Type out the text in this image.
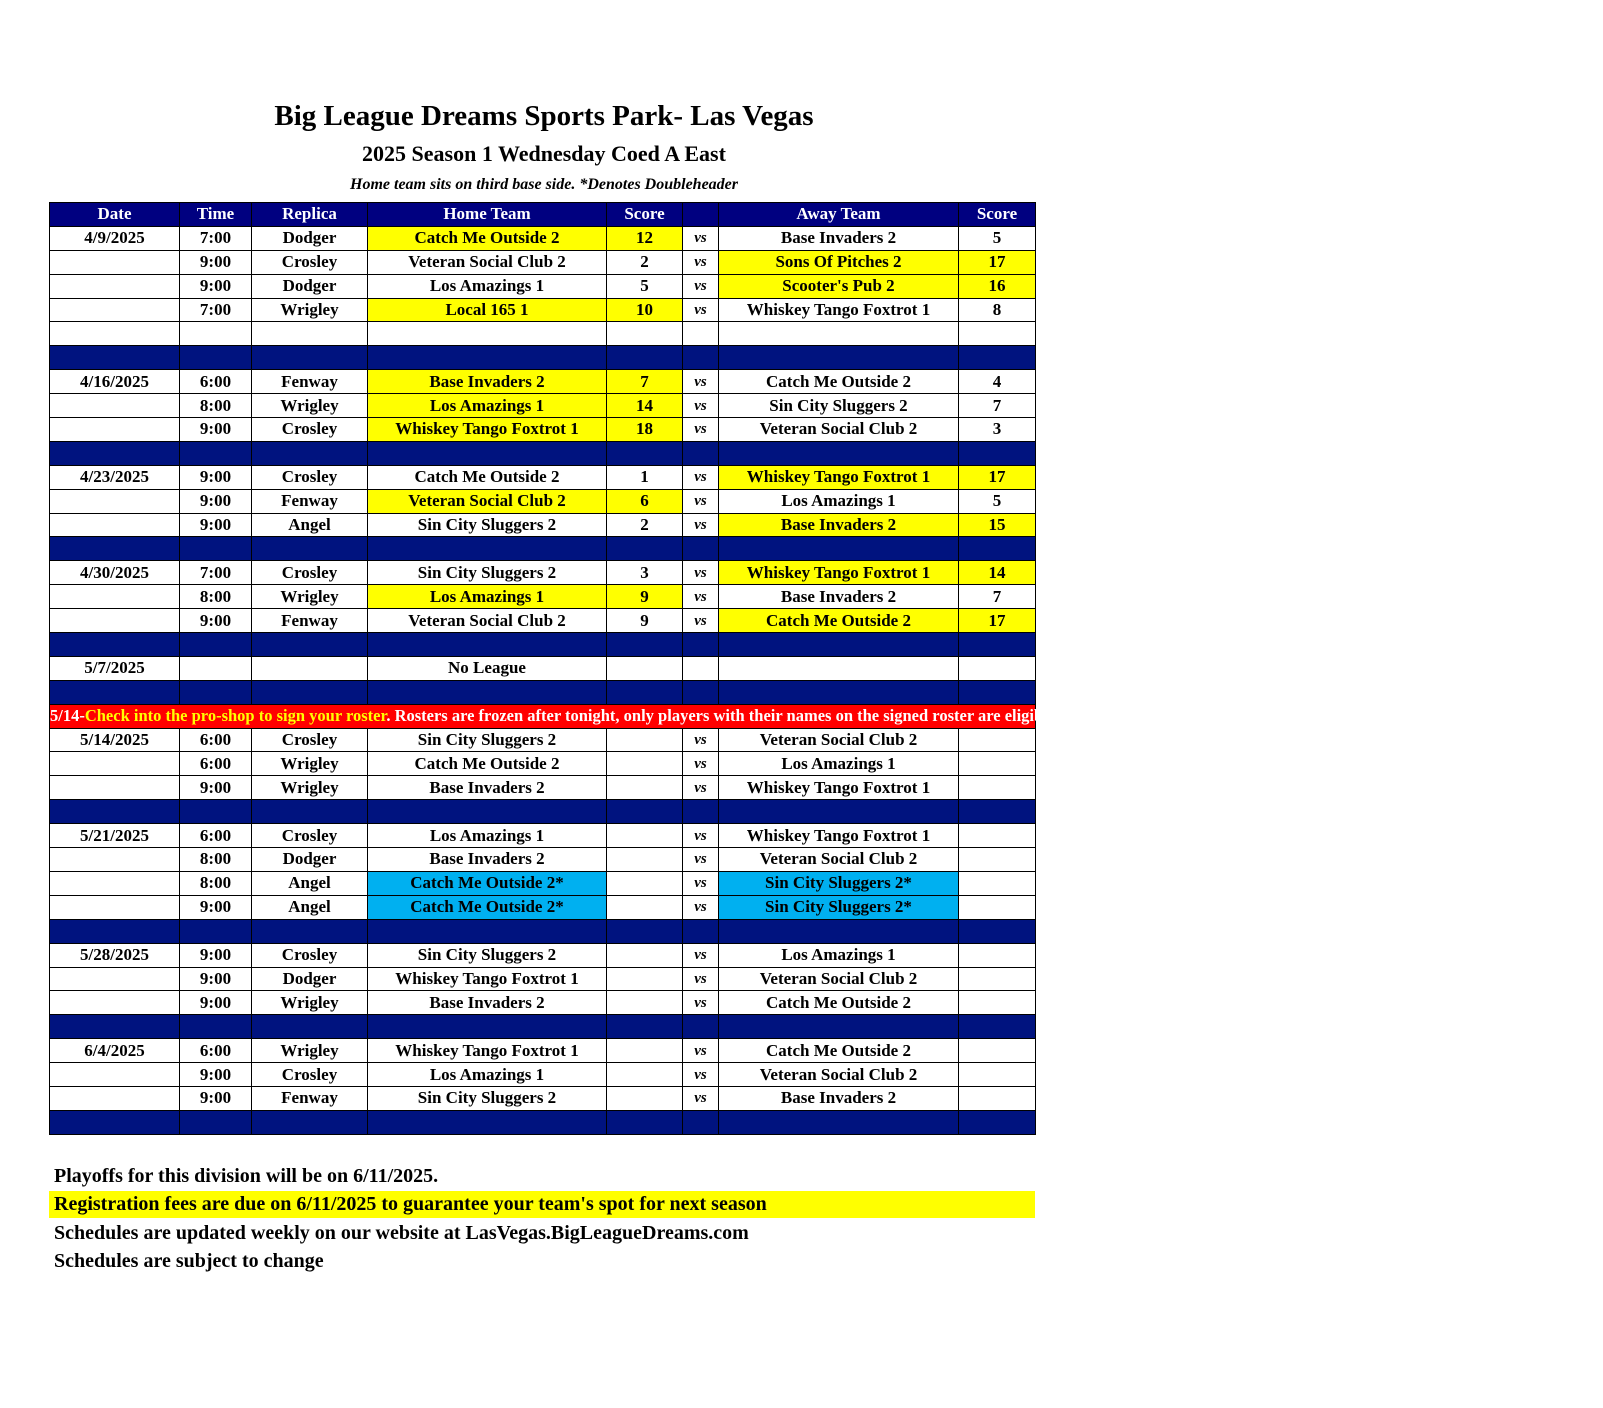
Big League Dreams Sports Park- Las Vegas
2025 Season 1 Wednesday Coed A East
Home team sits on third base side. *Denotes Doubleheader
Date	Time	Replica	Home Team	Score		Away Team	Score
4/9/2025	7:00	Dodger	Catch Me Outside 2	12	vs	Base Invaders 2	5
	9:00	Crosley	Veteran Social Club 2	2	vs	Sons Of Pitches 2	17
	9:00	Dodger	Los Amazings 1	5	vs	Scooter's Pub 2	16
	7:00	Wrigley	Local 165 1	10	vs	Whiskey Tango Foxtrot 1	8

4/16/2025	6:00	Fenway	Base Invaders 2	7	vs	Catch Me Outside 2	4
	8:00	Wrigley	Los Amazings 1	14	vs	Sin City Sluggers 2	7
	9:00	Crosley	Whiskey Tango Foxtrot 1	18	vs	Veteran Social Club 2	3

4/23/2025	9:00	Crosley	Catch Me Outside 2	1	vs	Whiskey Tango Foxtrot 1	17
	9:00	Fenway	Veteran Social Club 2	6	vs	Los Amazings 1	5
	9:00	Angel	Sin City Sluggers 2	2	vs	Base Invaders 2	15

4/30/2025	7:00	Crosley	Sin City Sluggers 2	3	vs	Whiskey Tango Foxtrot 1	14
	8:00	Wrigley	Los Amazings 1	9	vs	Base Invaders 2	7
	9:00	Fenway	Veteran Social Club 2	9	vs	Catch Me Outside 2	17

5/7/2025			No League				

5/14-Check into the pro-shop to sign your roster. Rosters are frozen after tonight, only players with their names on the signed roster are eligible for playoffs. Please check carefully as changes will not be made for omissions.							
5/14/2025	6:00	Crosley	Sin City Sluggers 2		vs	Veteran Social Club 2	
	6:00	Wrigley	Catch Me Outside 2		vs	Los Amazings 1	
	9:00	Wrigley	Base Invaders 2		vs	Whiskey Tango Foxtrot 1	

5/21/2025	6:00	Crosley	Los Amazings 1		vs	Whiskey Tango Foxtrot 1	
	8:00	Dodger	Base Invaders 2		vs	Veteran Social Club 2	
	8:00	Angel	Catch Me Outside 2*		vs	Sin City Sluggers 2*	
	9:00	Angel	Catch Me Outside 2*		vs	Sin City Sluggers 2*	

5/28/2025	9:00	Crosley	Sin City Sluggers 2		vs	Los Amazings 1	
	9:00	Dodger	Whiskey Tango Foxtrot 1		vs	Veteran Social Club 2	
	9:00	Wrigley	Base Invaders 2		vs	Catch Me Outside 2	

6/4/2025	6:00	Wrigley	Whiskey Tango Foxtrot 1		vs	Catch Me Outside 2	
	9:00	Crosley	Los Amazings 1		vs	Veteran Social Club 2	
	9:00	Fenway	Sin City Sluggers 2		vs	Base Invaders 2	

Playoffs for this division will be on 6/11/2025.
Registration fees are due on 6/11/2025 to guarantee your team's spot for next season
Schedules are updated weekly on our website at LasVegas.BigLeagueDreams.com
Schedules are subject to change
